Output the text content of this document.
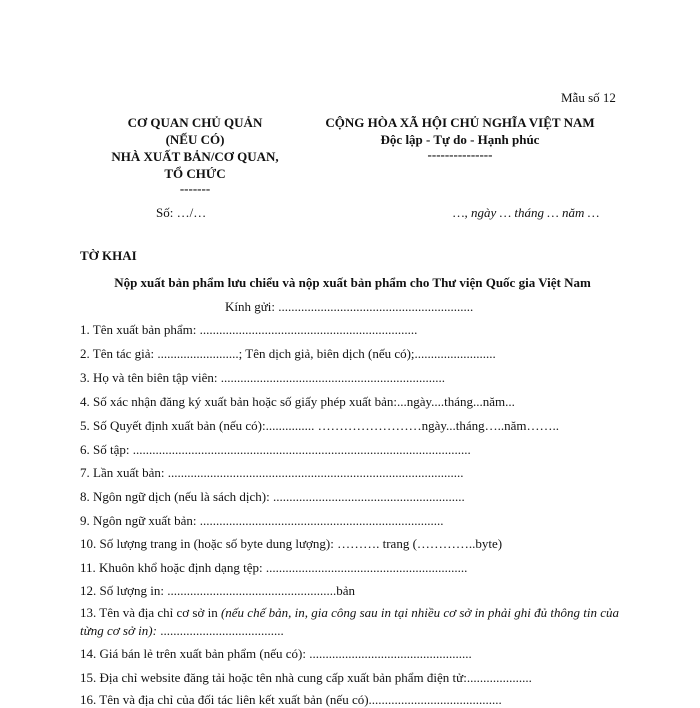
Mẫu số 12
CƠ QUAN CHỦ QUẢN
(NẾU CÓ)
NHÀ XUẤT BẢN/CƠ QUAN,
TỔ CHỨC
-------
CỘNG HÒA XÃ HỘI CHỦ NGHĨA VIỆT NAM
Độc lập - Tự do - Hạnh phúc
---------------
Số: …/…	…, ngày … tháng … năm …
TỜ KHAI
Nộp xuất bản phẩm lưu chiểu và nộp xuất bản phẩm cho Thư viện Quốc gia Việt Nam
Kính gửi: ............................................................
1. Tên xuất bản phẩm: ...................................................................
2. Tên tác giả: .........................; Tên dịch giả, biên dịch (nếu có);.........................
3. Họ và tên biên tập viên: .....................................................................
4. Số xác nhận đăng ký xuất bản hoặc số giấy phép xuất bản:...ngày....tháng...năm...
5. Số Quyết định xuất bản (nếu có):............... ……………………ngày...tháng…..năm……..
6. Số tập: ........................................................................................................
7. Lần xuất bản: ...........................................................................................
8. Ngôn ngữ dịch (nếu là sách dịch): ...........................................................
9. Ngôn ngữ xuất bản: ...........................................................................
10. Số lượng trang in (hoặc số byte dung lượng): ………. trang (…………..byte)
11. Khuôn khổ hoặc định dạng tệp: ..............................................................
12. Số lượng in: ....................................................bản
13. Tên và địa chỉ cơ sở in (nếu chế bản, in, gia công sau in tại nhiều cơ sở in phải ghi đủ thông tin của từng cơ sở in): ......................................
14. Giá bán lẻ trên xuất bản phẩm (nếu có): ..................................................
15. Địa chỉ website đăng tải hoặc tên nhà cung cấp xuất bản phẩm điện tử:....................
16. Tên và địa chỉ của đối tác liên kết xuất bản (nếu có).........................................
